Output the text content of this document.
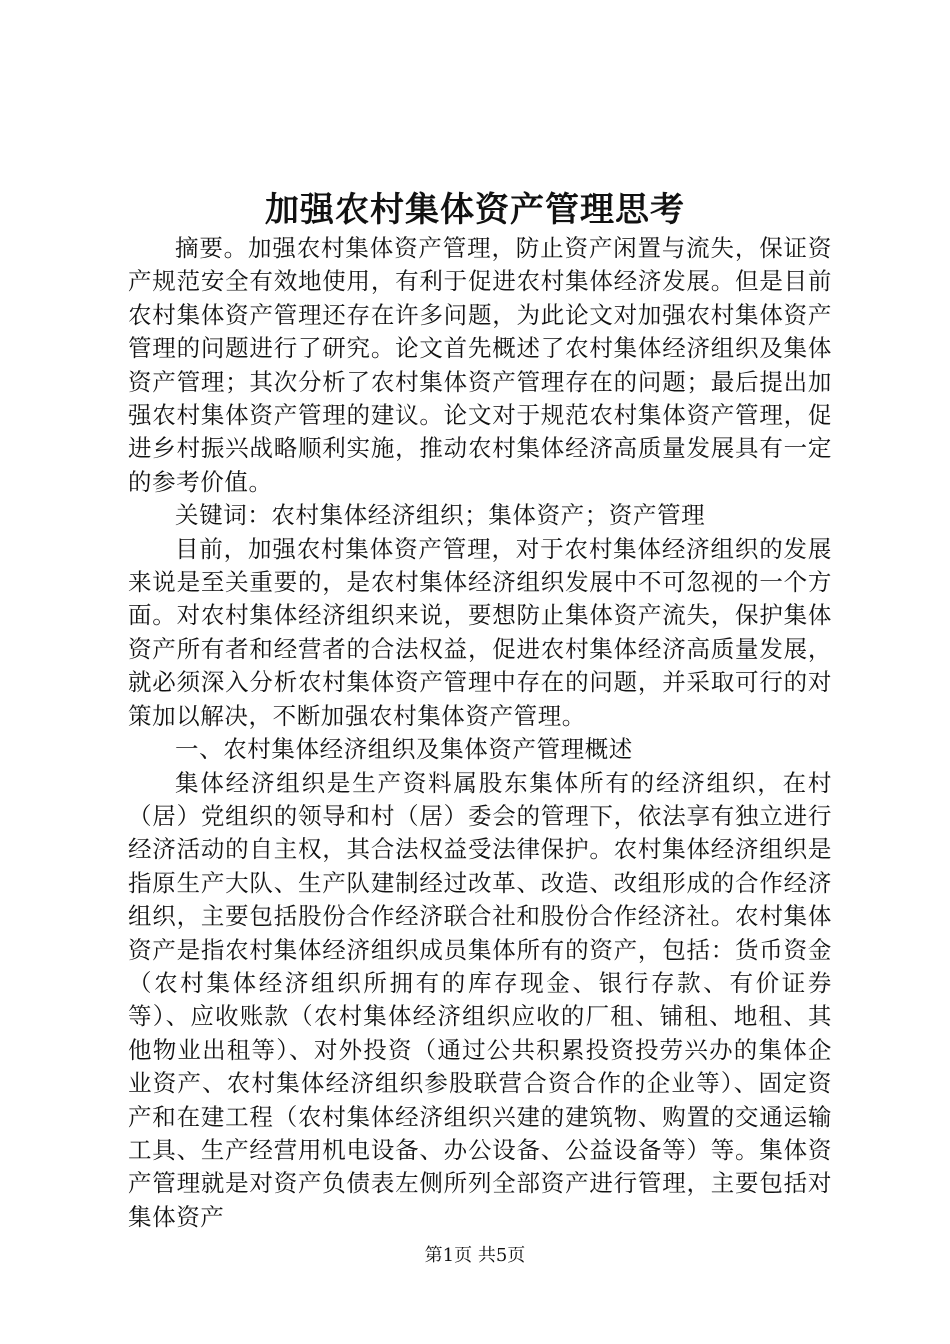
加强农村集体资产管理思考

摘要。加强农村集体资产管理，防止资产闲置与流失，保证资产规范安全有效地使用，有利于促进农村集体经济发展。但是目前农村集体资产管理还存在许多问题，为此论文对加强农村集体资产管理的问题进行了研究。论文首先概述了农村集体经济组织及集体资产管理；其次分析了农村集体资产管理存在的问题；最后提出加强农村集体资产管理的建议。论文对于规范农村集体资产管理，促进乡村振兴战略顺利实施，推动农村集体经济高质量发展具有一定的参考价值。

关键词：农村集体经济组织；集体资产；资产管理

目前，加强农村集体资产管理，对于农村集体经济组织的发展来说是至关重要的，是农村集体经济组织发展中不可忽视的一个方面。对农村集体经济组织来说，要想防止集体资产流失，保护集体资产所有者和经营者的合法权益，促进农村集体经济高质量发展，就必须深入分析农村集体资产管理中存在的问题，并采取可行的对策加以解决，不断加强农村集体资产管理。

一、农村集体经济组织及集体资产管理概述

集体经济组织是生产资料属股东集体所有的经济组织，在村（居）党组织的领导和村（居）委会的管理下，依法享有独立进行经济活动的自主权，其合法权益受法律保护。农村集体经济组织是指原生产大队、生产队建制经过改革、改造、改组形成的合作经济组织，主要包括股份合作经济联合社和股份合作经济社。农村集体资产是指农村集体经济组织成员集体所有的资产，包括：货币资金（农村集体经济组织所拥有的库存现金、银行存款、有价证券等）、应收账款（农村集体经济组织应收的厂租、铺租、地租、其他物业出租等）、对外投资（通过公共积累投资投劳兴办的集体企业资产、农村集体经济组织参股联营合资合作的企业等）、固定资产和在建工程（农村集体经济组织兴建的建筑物、购置的交通运输工具、生产经营用机电设备、办公设备、公益设备等）等。集体资产管理就是对资产负债表左侧所列全部资产进行管理，主要包括对集体资产

第1页 共5页
